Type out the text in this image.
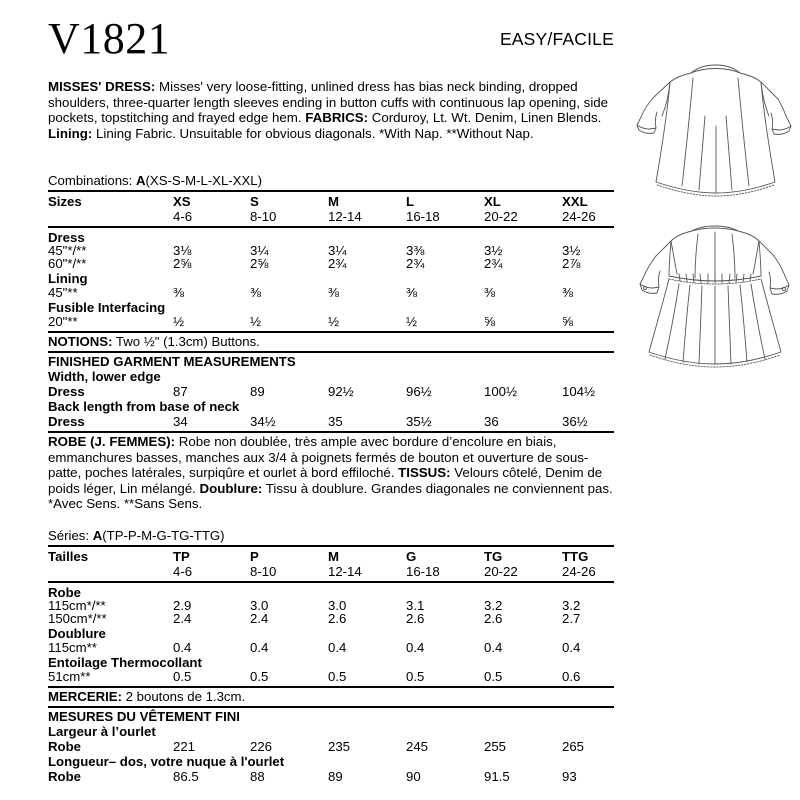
V1821	EASY/FACILE
MISSES' DRESS: Misses' very loose-fitting, unlined dress has bias neck binding, dropped shoulders, three-quarter length sleeves ending in button cuffs with continuous lap opening, side pockets, topstitching and frayed edge hem. FABRICS: Corduroy, Lt. Wt. Denim, Linen Blends. Lining: Lining Fabric. Unsuitable for obvious diagonals. *With Nap. **Without Nap.
Combinations: A(XS-S-M-L-XL-XXL)
Sizes	XS	S	M	L	XL	XXL
4-6	8-10	12-14	16-18	20-22	24-26
Dress
45"*/**	3⅛	3¼	3¼	3⅜	3½	3½
60"*/**	2⅝	2⅝	2¾	2¾	2¾	2⅞
Lining
45"**	⅜	⅜	⅜	⅜	⅜	⅜
Fusible Interfacing
20"**	½	½	½	½	⅝	⅝
NOTIONS: Two ½" (1.3cm) Buttons.
FINISHED GARMENT MEASUREMENTS
Width, lower edge
Dress	87	89	92½	96½	100½	104½
Back length from base of neck
Dress	34	34½	35	35½	36	36½
ROBE (J. FEMMES): Robe non doublée, très ample avec bordure d’encolure en biais, emmanchures basses, manches aux 3/4 à poignets fermés de bouton et ouverture de sous-patte, poches latérales, surpiqûre et ourlet à bord effiloché. TISSUS: Velours côtelé, Denim de poids léger, Lin mélangé. Doublure: Tissu à doublure. Grandes diagonales ne conviennent pas. *Avec Sens. **Sans Sens.
Séries: A(TP-P-M-G-TG-TTG)
Tailles	TP	P	M	G	TG	TTG
4-6	8-10	12-14	16-18	20-22	24-26
Robe
115cm*/**	2.9	3.0	3.0	3.1	3.2	3.2
150cm*/**	2.4	2.4	2.6	2.6	2.6	2.7
Doublure
115cm**	0.4	0.4	0.4	0.4	0.4	0.4
Entoilage Thermocollant
51cm**	0.5	0.5	0.5	0.5	0.5	0.6
MERCERIE: 2 boutons de 1.3cm.
MESURES DU VÊTEMENT FINI
Largeur à l’ourlet
Robe	221	226	235	245	255	265
Longueur– dos, votre nuque à l'ourlet
Robe	86.5	88	89	90	91.5	93
